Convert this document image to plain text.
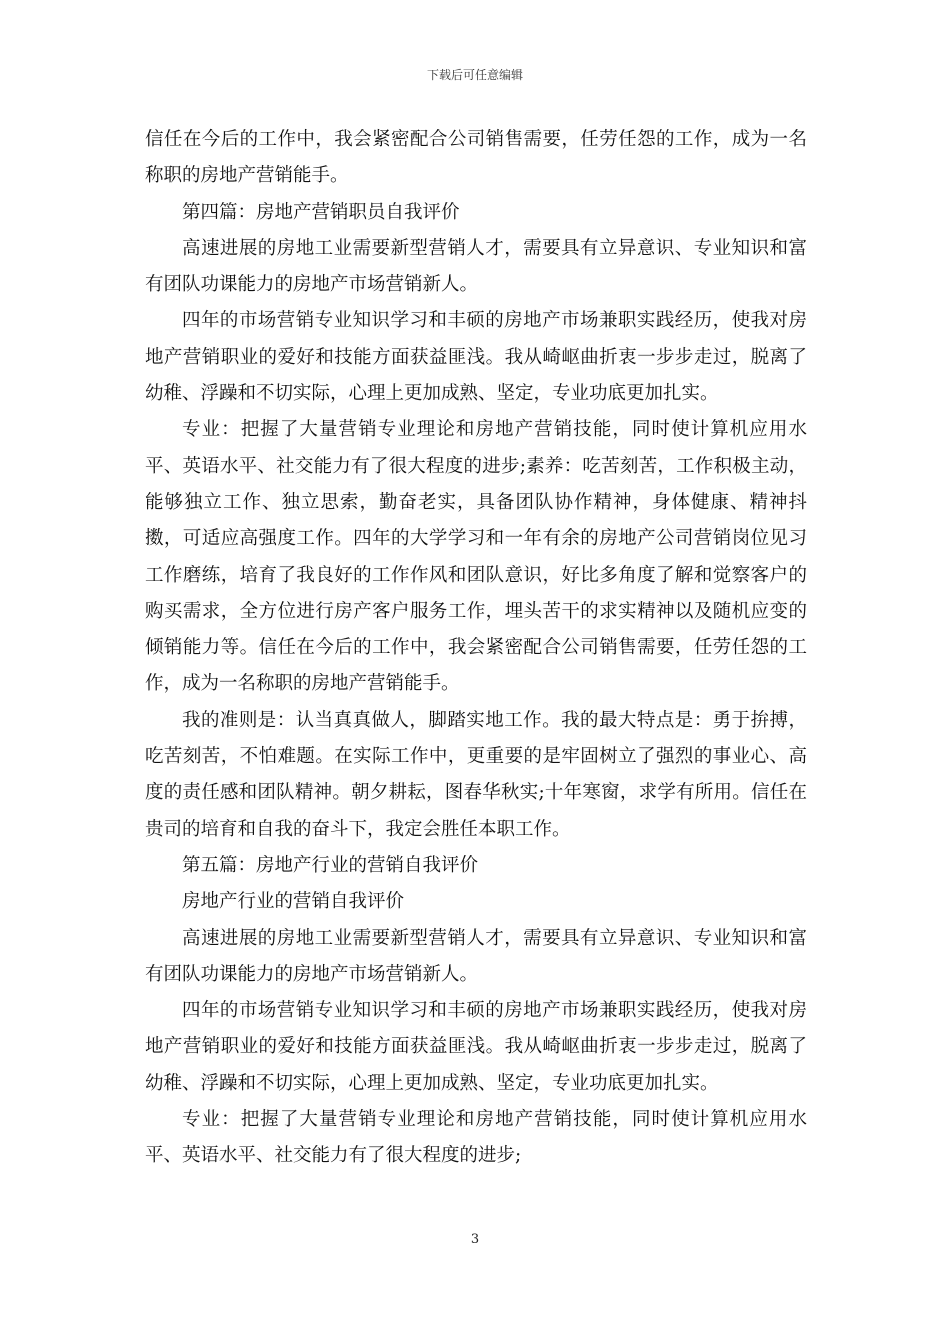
下载后可任意编辑

信任在今后的工作中，我会紧密配合公司销售需要，任劳任怨的工作，成为一名称职的房地产营销能手。

第四篇：房地产营销职员自我评价

高速进展的房地工业需要新型营销人才，需要具有立异意识、专业知识和富有团队功课能力的房地产市场营销新人。

四年的市场营销专业知识学习和丰硕的房地产市场兼职实践经历，使我对房地产营销职业的爱好和技能方面获益匪浅。我从崎岖曲折衷一步步走过，脱离了幼稚、浮躁和不切实际，心理上更加成熟、坚定，专业功底更加扎实。

专业：把握了大量营销专业理论和房地产营销技能，同时使计算机应用水平、英语水平、社交能力有了很大程度的进步;素养：吃苦刻苦，工作积极主动，能够独立工作、独立思索，勤奋老实，具备团队协作精神，身体健康、精神抖擞，可适应高强度工作。四年的大学学习和一年有余的房地产公司营销岗位见习工作磨练，培育了我良好的工作作风和团队意识，好比多角度了解和觉察客户的购买需求，全方位进行房产客户服务工作，埋头苦干的求实精神以及随机应变的倾销能力等。信任在今后的工作中，我会紧密配合公司销售需要，任劳任怨的工作，成为一名称职的房地产营销能手。

我的准则是：认当真真做人，脚踏实地工作。我的最大特点是：勇于拚搏，吃苦刻苦，不怕难题。在实际工作中，更重要的是牢固树立了强烈的事业心、高度的责任感和团队精神。朝夕耕耘，图春华秋实;十年寒窗，求学有所用。信任在贵司的培育和自我的奋斗下，我定会胜任本职工作。

第五篇：房地产行业的营销自我评价

房地产行业的营销自我评价

高速进展的房地工业需要新型营销人才，需要具有立异意识、专业知识和富有团队功课能力的房地产市场营销新人。

四年的市场营销专业知识学习和丰硕的房地产市场兼职实践经历，使我对房地产营销职业的爱好和技能方面获益匪浅。我从崎岖曲折衷一步步走过，脱离了幼稚、浮躁和不切实际，心理上更加成熟、坚定，专业功底更加扎实。

专业：把握了大量营销专业理论和房地产营销技能，同时使计算机应用水平、英语水平、社交能力有了很大程度的进步;

3
